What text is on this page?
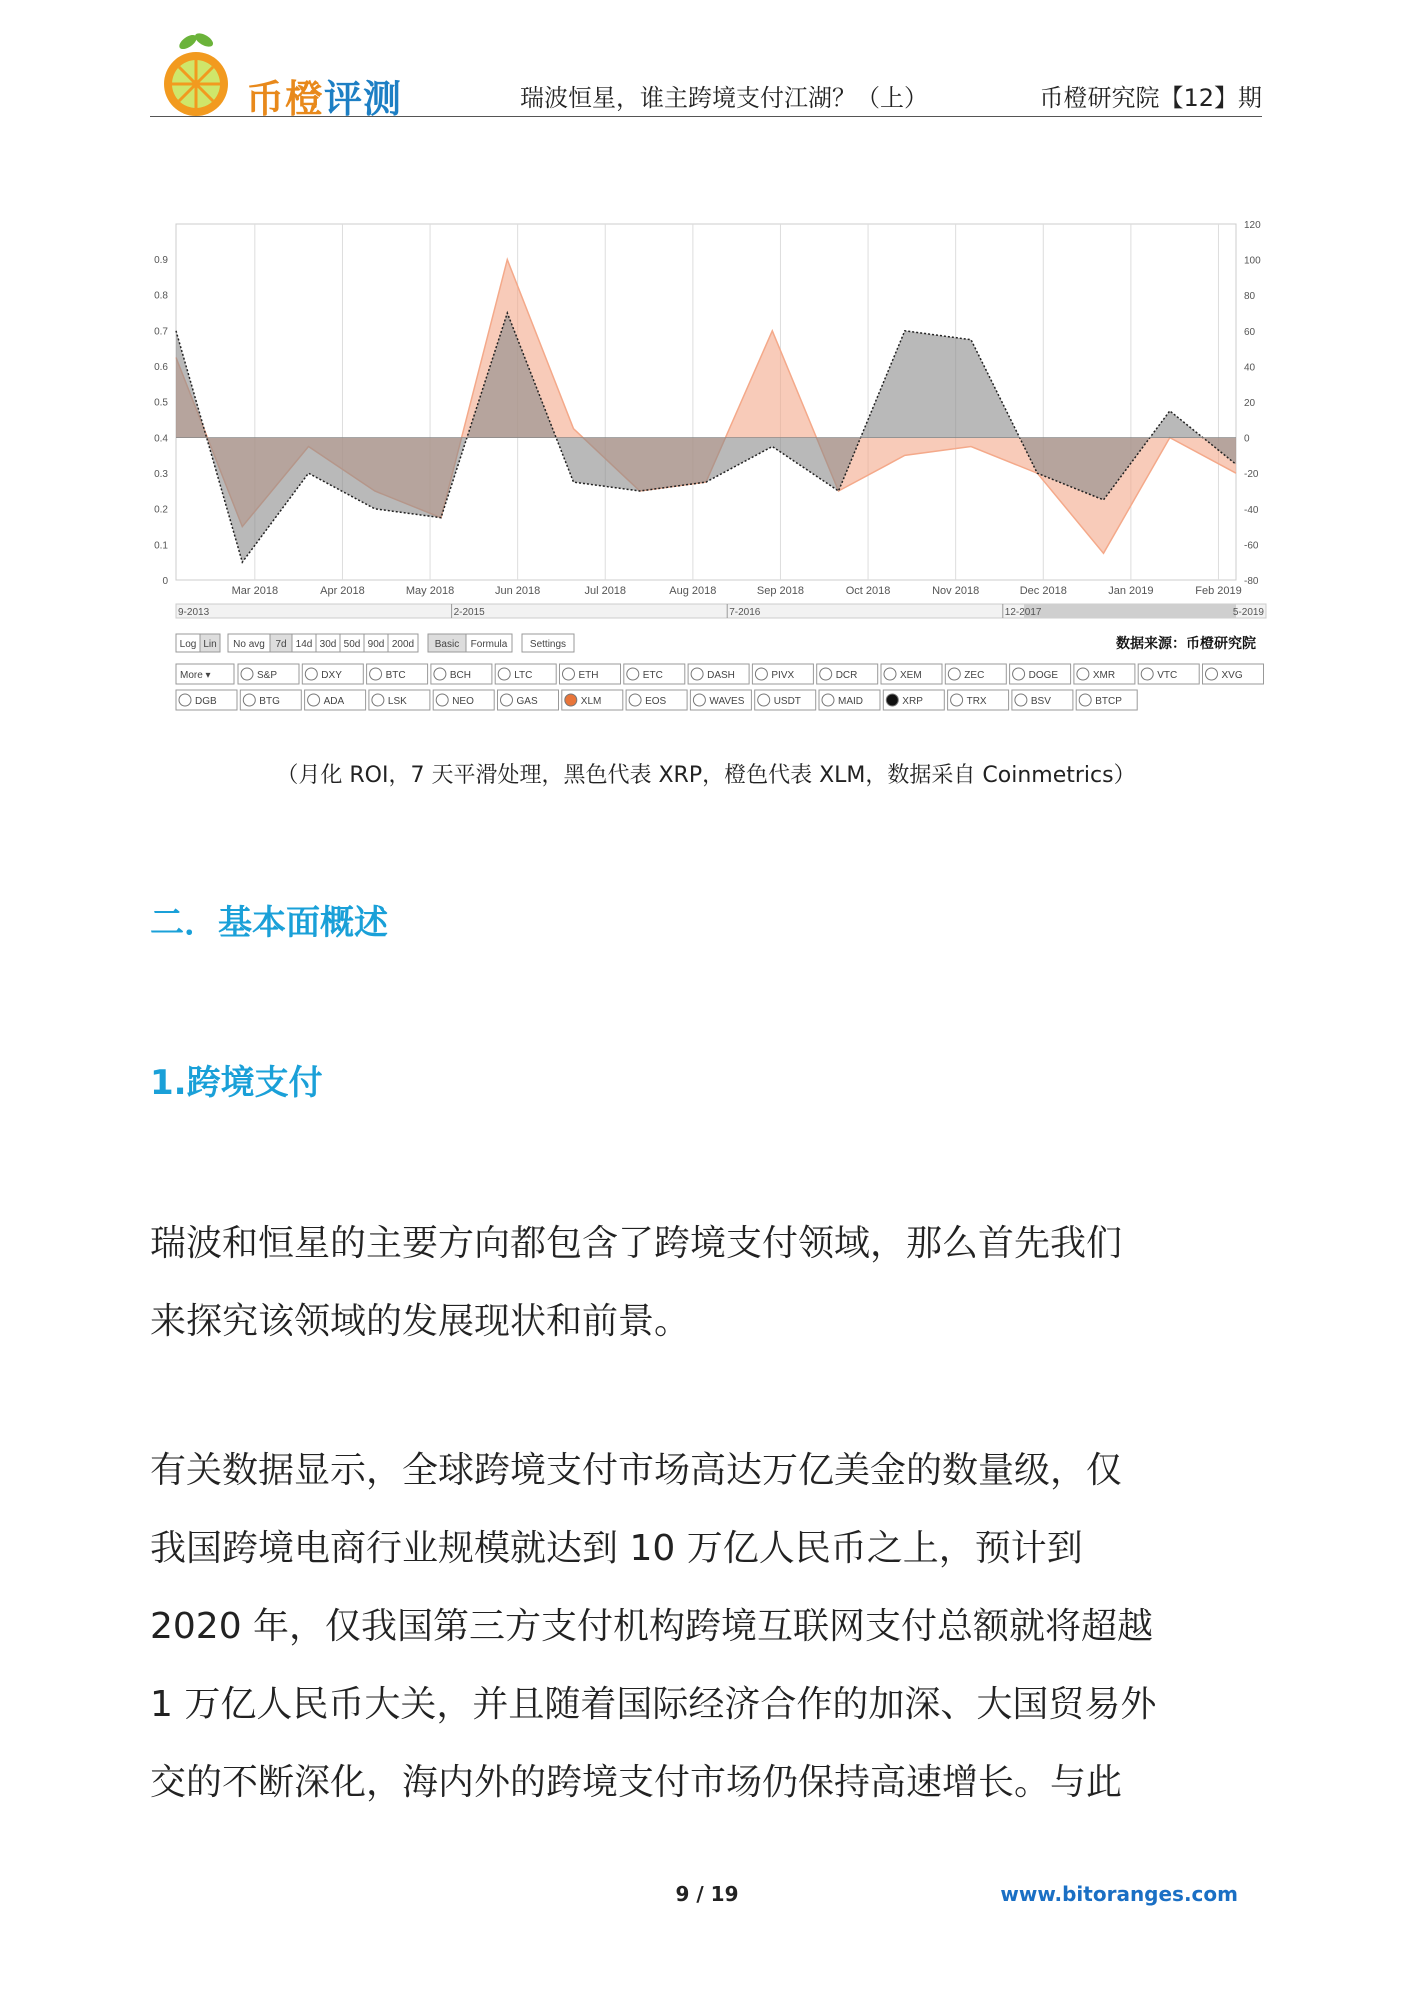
币橙评测	瑞波恒星，谁主跨境支付江湖？（上）	币橙研究院【12】期
Mar 2018	Apr 2018	May 2018	Jun 2018	Jul 2018	Aug 2018	Sep 2018	Oct 2018	Nov 2018	Dec 2018	Jan 2019	Feb 2019
0
0.1
0.2
0.3
0.4
0.5
0.6
0.7
0.8
0.9
120
100
80
60
40
20
0
-20
-40
-60
-80
9-2013	2-2015	7-2016	12-2017	5-2019
Log Lin No avg 7d 14d 30d 50d 90d 200d Basic Formula Settings	数据来源：币橙研究院
More ▾	S&P	DXY	BTC	BCH	LTC	ETH	ETC	DASH	PIVX	DCR	XEM	ZEC	DOGE	XMR	VTC	XVG
DGB	BTG	ADA	LSK	NEO	GAS	XLM	EOS	WAVES	USDT	MAID	XRP	TRX	BSV	BTCP
（月化 ROI，7 天平滑处理，黑色代表 XRP，橙色代表 XLM，数据采自 Coinmetrics）
二．基本面概述
1.跨境支付
瑞波和恒星的主要方向都包含了跨境支付领域，那么首先我们
来探究该领域的发展现状和前景。
有关数据显示，全球跨境支付市场高达万亿美金的数量级，仅
我国跨境电商行业规模就达到 10 万亿人民币之上，预计到
2020 年，仅我国第三方支付机构跨境互联网支付总额就将超越
1 万亿人民币大关，并且随着国际经济合作的加深、大国贸易外
交的不断深化，海内外的跨境支付市场仍保持高速增长。与此
9 / 19	www.bitoranges.com
